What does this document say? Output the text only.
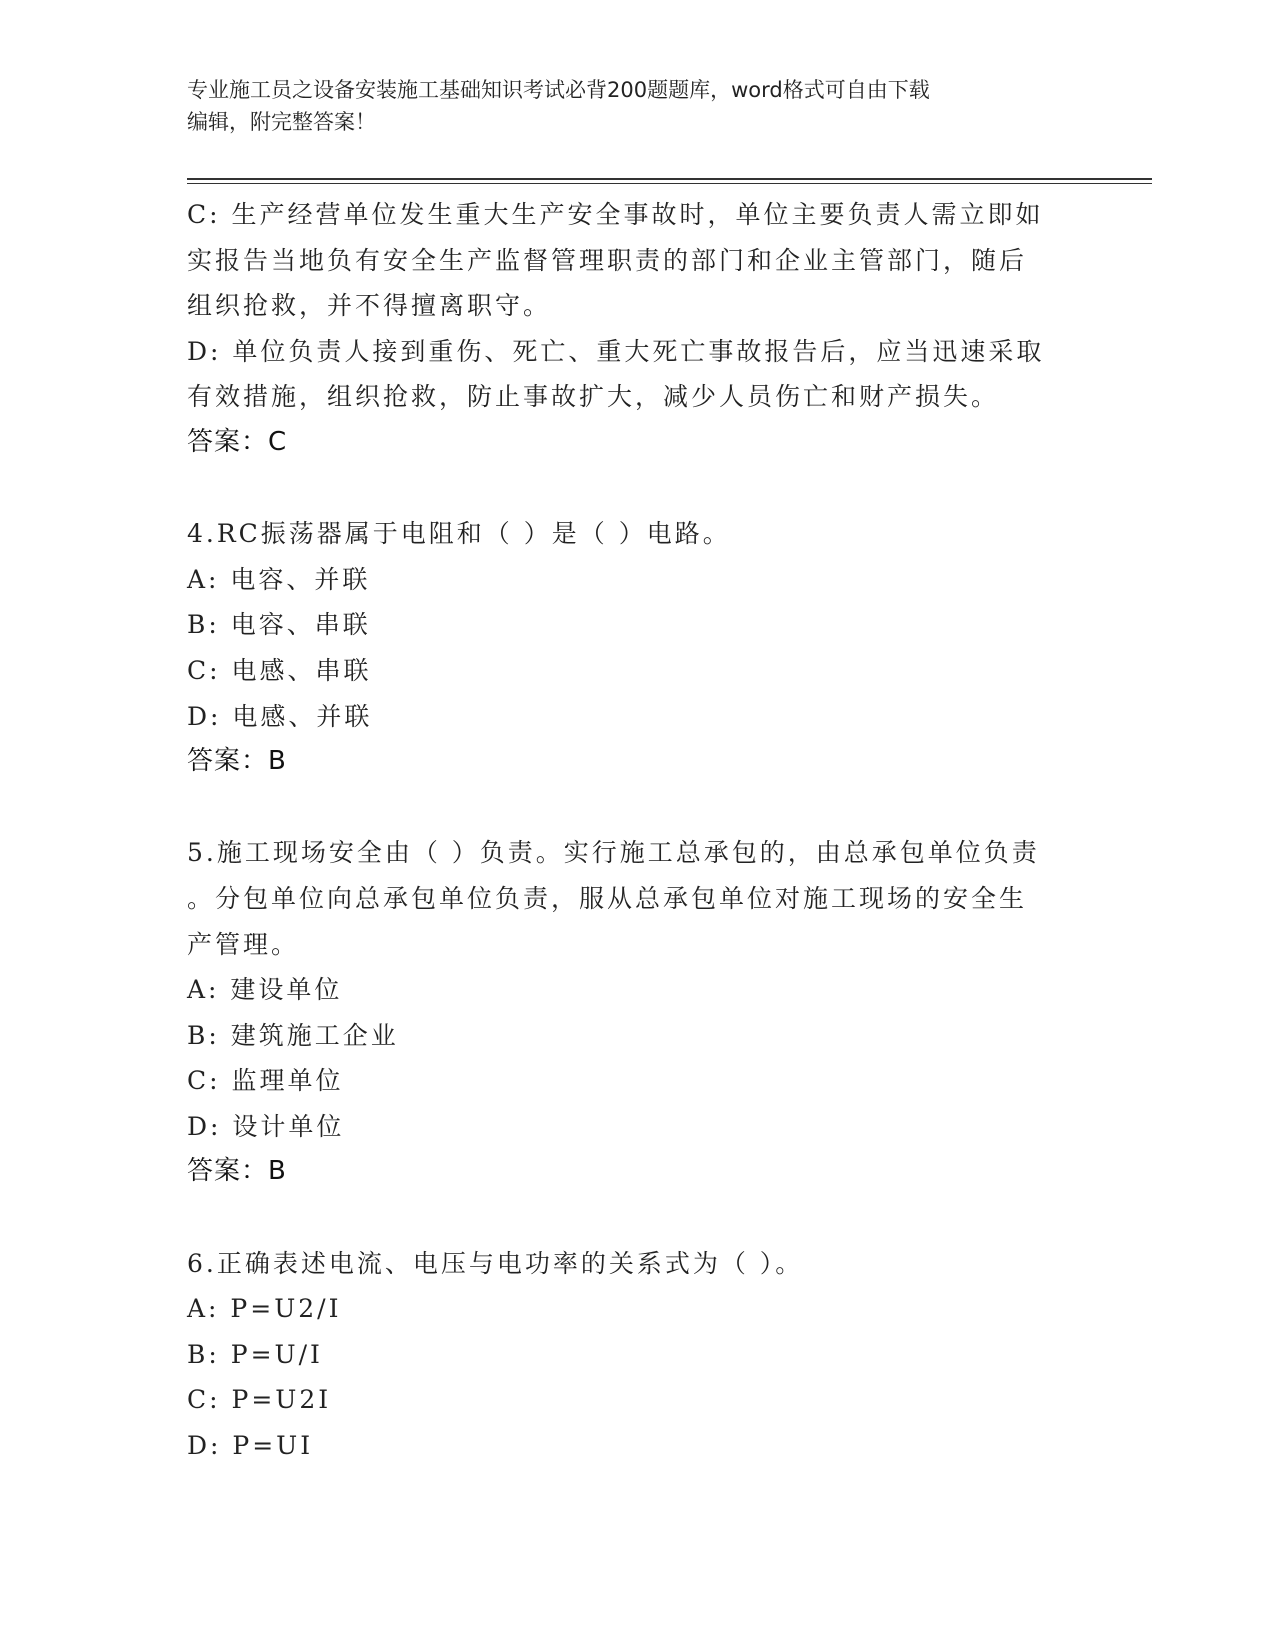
专业施工员之设备安装施工基础知识考试必背200题题库，word格式可自由下载
编辑，附完整答案！
C: 生产经营单位发生重大生产安全事故时，单位主要负责人需立即如
实报告当地负有安全生产监督管理职责的部门和企业主管部门，随后
组织抢救，并不得擅离职守。
D: 单位负责人接到重伤、死亡、重大死亡事故报告后，应当迅速采取
有效措施，组织抢救，防止事故扩大，减少人员伤亡和财产损失。
答案：C
4.RC振荡器属于电阻和（ ）是（ ）电路。
A: 电容、并联
B: 电容、串联
C: 电感、串联
D: 电感、并联
答案：B
5.施工现场安全由（ ）负责。实行施工总承包的，由总承包单位负责
。分包单位向总承包单位负责，服从总承包单位对施工现场的安全生
产管理。
A: 建设单位
B: 建筑施工企业
C: 监理单位
D: 设计单位
答案：B
6.正确表述电流、电压与电功率的关系式为（ ）。
A: P=U2/I
B: P=U/I
C: P=U2I
D: P=UI
